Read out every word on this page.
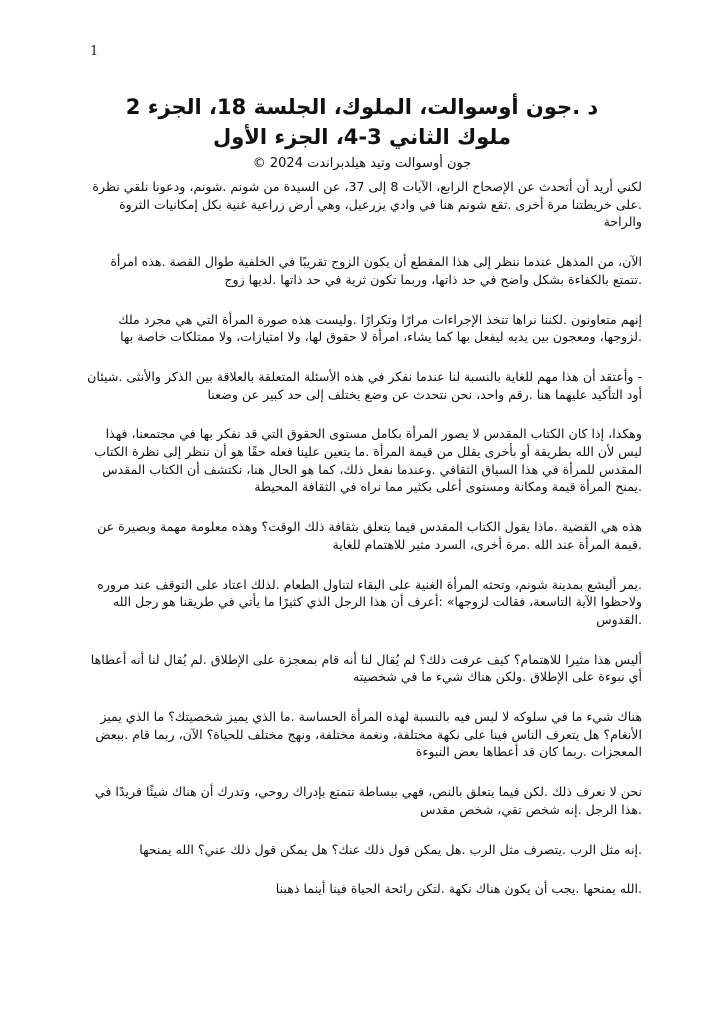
1
د .جون أوسوالت، الملوك، الجلسة 18، الجزء 2
ملوك الثاني 3-4، الجزء الأول
جون أوسوالت وتيد هيلدبراندت 2024 ©

لكني أريد أن أتحدث عن الإصحاح الرابع، الآيات 8 إلى 37، عن السيدة من شونم .شونم، ودعونا نلقي نظرة .على خريطتنا مرة أخرى .تقع شونم هنا في وادي يزرعيل، وهي أرض زراعية غنية بكل إمكانيات الثروة والراحة

الآن، من المذهل عندما ننظر إلى هذا المقطع أن يكون الزوج تقريبًا في الخلفية طوال القصة .هذه امرأة .تتمتع بالكفاءة بشكل واضح في حد ذاتها، وربما تكون ثرية في حد ذاتها .لديها زوج

إنهم متعاونون .لكننا نراها تتخذ الإجراءات مرارًا وتكرارًا .وليست هذه صورة المرأة التي هي مجرد ملك .لزوجها، ومعجون بين يديه ليفعل بها كما يشاء، امرأة لا حقوق لها، ولا امتيازات، ولا ممتلكات خاصة بها

- وأعتقد أن هذا مهم للغاية بالنسبة لنا عندما نفكر في هذه الأسئلة المتعلقة بالعلاقة بين الذكر والأنثى .شيئان أود التأكيد عليهما هنا .رقم واحد، نحن نتحدث عن وضع يختلف إلى حد كبير عن وضعنا

وهكذا، إذا كان الكتاب المقدس لا يصور المرأة بكامل مستوى الحقوق التي قد نفكر بها في مجتمعنا، فهذا ليس لأن الله بطريقة أو بأخرى يقلل من قيمة المرأة .ما يتعين علينا فعله حقًا هو أن ننظر إلى نظرة الكتاب المقدس للمرأة في هذا السياق الثقافي .وعندما نفعل ذلك، كما هو الحال هنا، نكتشف أن الكتاب المقدس .يمنح المرأة قيمة ومكانة ومستوى أعلى بكثير مما نراه في الثقافة المحيطة

هذه هي القضية .ماذا يقول الكتاب المقدس فيما يتعلق بثقافة ذلك الوقت؟ وهذه معلومة مهمة وبصيرة عن .قيمة المرأة عند الله .مرة أخرى، السرد مثير للاهتمام للغاية

.يمر أليشع بمدينة شونم، وتحثه المرأة الغنية على البقاء لتناول الطعام .لذلك اعتاد على التوقف عند مروره ولاحظوا الآية التاسعة، فقالت لزوجها» :أعرف أن هذا الرجل الذي كثيرًا ما يأتي في طريقنا هو رجل الله .القدوس

أليس هذا مثيرا للاهتمام؟ كيف عرفت ذلك؟ لم يُقال لنا أنه قام بمعجزة على الإطلاق .لم يُقال لنا أنه أعطاها أي نبوءة على الإطلاق .ولكن هناك شيء ما في شخصيته

هناك شيء ما في سلوكه لا لبس فيه بالنسبة لهذه المرأة الحساسة .ما الذي يميز شخصيتك؟ ما الذي يميز الأنغام؟ هل يتعرف الناس فينا على نكهة مختلفة، ونغمة مختلفة، ونهج مختلف للحياة؟ الآن، ربما قام .ببعض المعجزات .ربما كان قد أعطاها بعض النبوءة

نحن لا نعرف ذلك .لكن فيما يتعلق بالنص، فهي ببساطة تتمتع بإدراك روحي، وتدرك أن هناك شيئًا فريدًا في .هذا الرجل .إنه شخص تقي، شخص مقدس

.إنه مثل الرب .يتصرف مثل الرب .هل يمكن قول ذلك عنك؟ هل يمكن قول ذلك عني؟ الله يمنحها

.الله يمنحها .يجب أن يكون هناك نكهة .لتكن رائحة الحياة فينا أينما ذهبنا
